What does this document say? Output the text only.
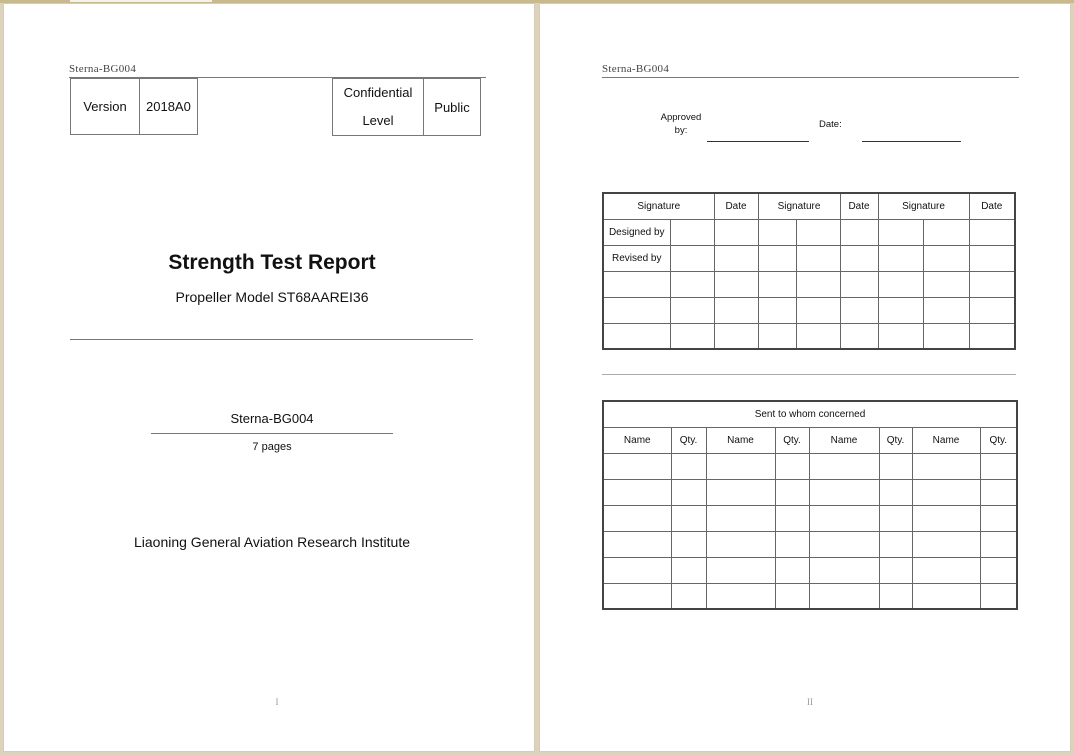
Sterna-BG004
Version	2018A0
Confidential
Level	Public
Strength Test Report
Propeller Model ST68AAREI36
Sterna-BG004
7 pages
Liaoning General Aviation Research Institute
I
Sterna-BG004
Approved
by:
Date:
Signature		Date	Signature		Date	Signature		Date
Designed by								
Revised by								

Sent to whom concerned							
Name	Qty.	Name	Qty.	Name	Qty.	Name	Qty.

II
